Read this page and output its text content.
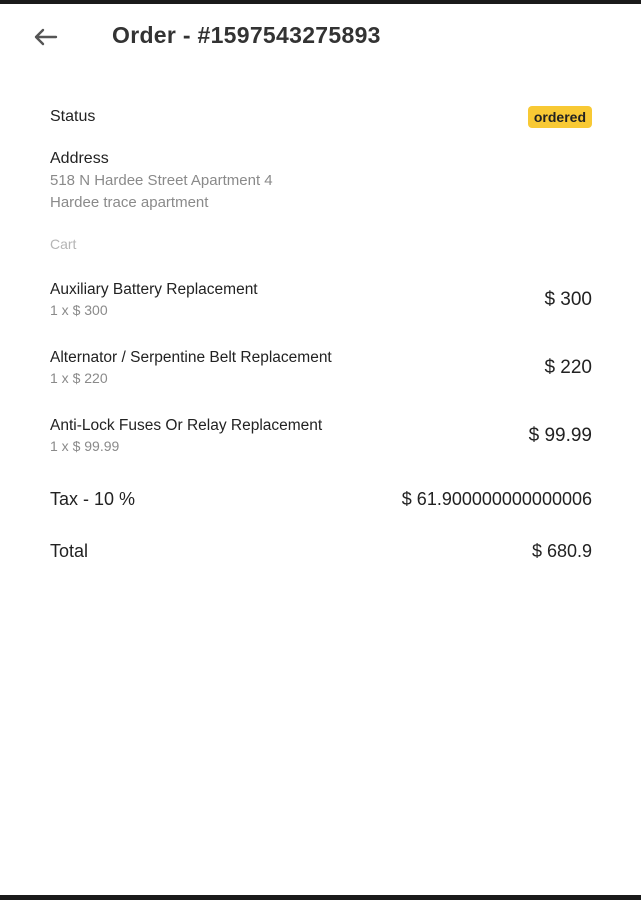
Order - #1597543275893
Status	ordered
Address
518 N Hardee Street Apartment 4
Hardee trace apartment
Cart
Auxiliary Battery Replacement
1 x $ 300	$ 300
Alternator / Serpentine Belt Replacement
1 x $ 220	$ 220
Anti-Lock Fuses Or Relay Replacement
1 x $ 99.99	$ 99.99
Tax - 10 %	$ 61.900000000000006
Total	$ 680.9
